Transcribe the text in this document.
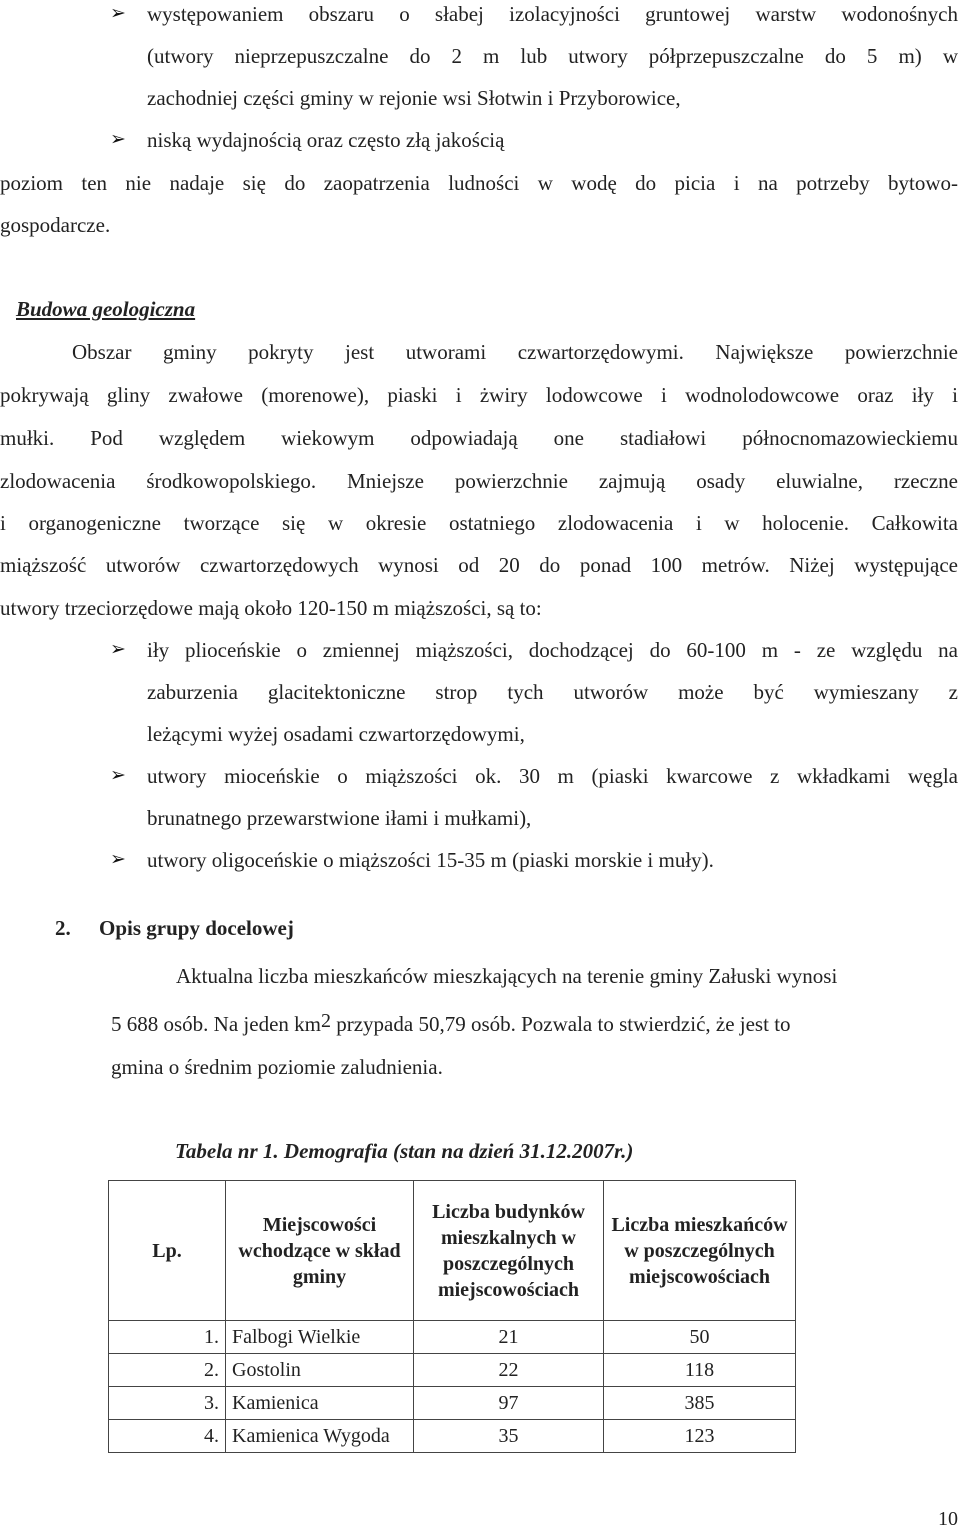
➢ występowaniem obszaru o słabej izolacyjności gruntowej warstw wodonośnych
(utwory nieprzepuszczalne do 2 m lub utwory półprzepuszczalne do 5 m) w
zachodniej części gminy w rejonie wsi Słotwin i Przyborowice,
➢ niską wydajnością oraz często złą jakością
poziom ten nie nadaje się do zaopatrzenia ludności w wodę do picia i na potrzeby bytowo-
gospodarcze.
Budowa geologiczna
Obszar gminy pokryty jest utworami czwartorzędowymi. Największe powierzchnie
pokrywają gliny zwałowe (morenowe), piaski i żwiry lodowcowe i wodnolodowcowe oraz iły i
mułki. Pod względem wiekowym odpowiadają one stadiałowi północnomazowieckiemu
zlodowacenia środkowopolskiego. Mniejsze powierzchnie zajmują osady eluwialne, rzeczne
i organogeniczne tworzące się w okresie ostatniego zlodowacenia i w holocenie. Całkowita
miąższość utworów czwartorzędowych wynosi od 20 do ponad 100 metrów. Niżej występujące
utwory trzeciorzędowe mają około 120-150 m miąższości, są to:
➢ iły plioceńskie o zmiennej miąższości, dochodzącej do 60-100 m - ze względu na
zaburzenia glacitektoniczne strop tych utworów może być wymieszany z
leżącymi wyżej osadami czwartorzędowymi,
➢ utwory mioceńskie o miąższości ok. 30 m (piaski kwarcowe z wkładkami węgla
brunatnego przewarstwione iłami i mułkami),
➢ utwory oligoceńskie o miąższości 15-35 m (piaski morskie i muły).
2. Opis grupy docelowej
Aktualna liczba mieszkańców mieszkających na terenie gminy Załuski wynosi
5 688 osób. Na jeden $km^2$ przypada 50,79 osób. Pozwala to stwierdzić, że jest to
gmina o średnim poziomie zaludnienia.
Tabela nr 1. Demografia (stan na dzień 31.12.2007r.)
Lp.	Miejscowości wchodzące w skład gminy	Liczba budynków mieszkalnych w poszczególnych miejscowościach	Liczba mieszkańców w poszczególnych miejscowościach
1.	Falbogi Wielkie	21	50
2.	Gostolin	22	118
3.	Kamienica	97	385
4.	Kamienica Wygoda	35	123
10
